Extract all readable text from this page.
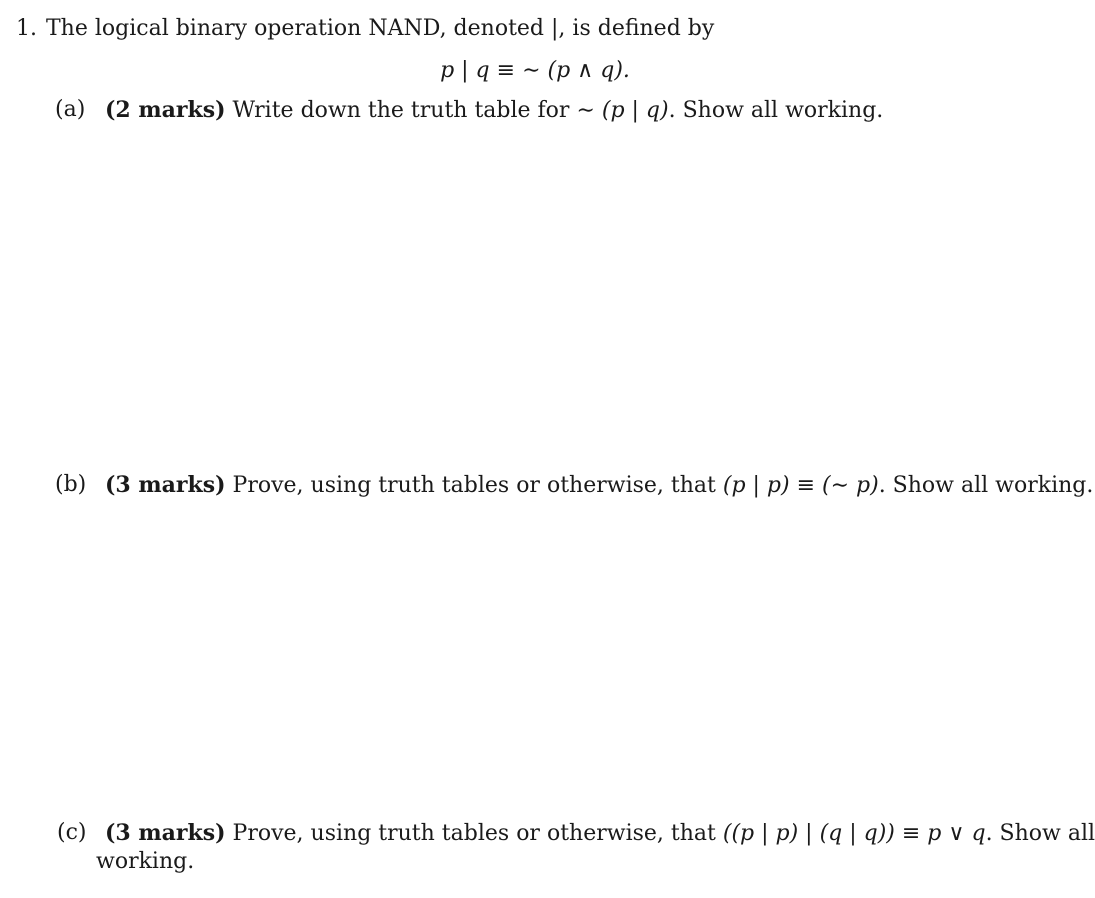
1. The logical binary operation NAND, denoted |, is defined by
p | q ≡ ∼ (p ∧ q).
(a) (2 marks) Write down the truth table for ∼ (p | q). Show all working.
(b) (3 marks) Prove, using truth tables or otherwise, that (p | p) ≡ (∼ p). Show all working.
(c) (3 marks) Prove, using truth tables or otherwise, that ((p | p) | (q | q)) ≡ p ∨ q. Show all
working.
